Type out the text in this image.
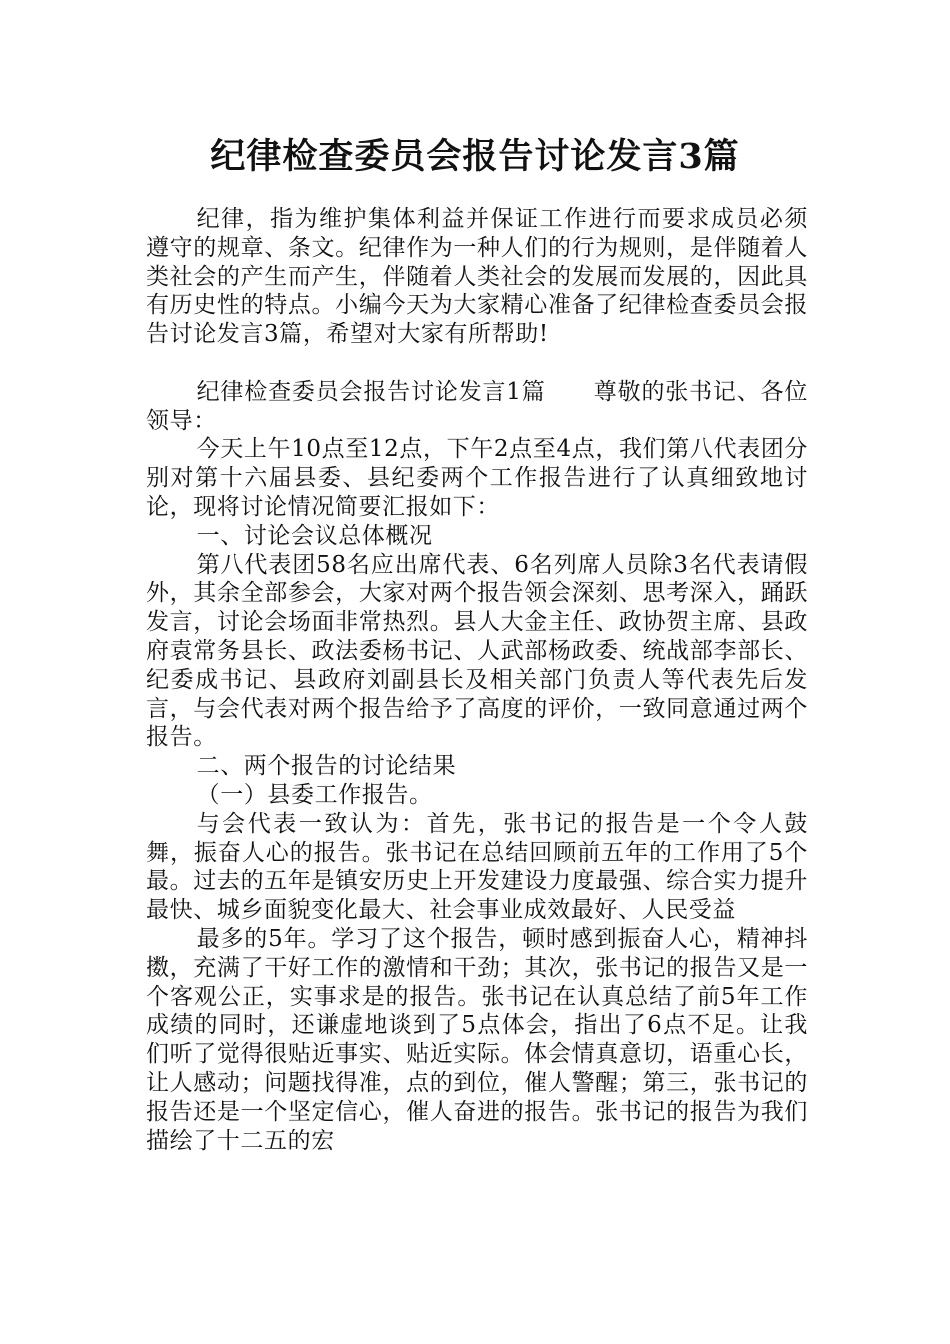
纪律检查委员会报告讨论发言3篇

纪律，指为维护集体利益并保证工作进行而要求成员必须遵守的规章、条文。纪律作为一种人们的行为规则，是伴随着人类社会的产生而产生，伴随着人类社会的发展而发展的，因此具有历史性的特点。小编今天为大家精心准备了纪律检查委员会报告讨论发言3篇，希望对大家有所帮助!

纪律检查委员会报告讨论发言1篇 尊敬的张书记、各位领导：

今天上午10点至12点，下午2点至4点，我们第八代表团分别对第十六届县委、县纪委两个工作报告进行了认真细致地讨论，现将讨论情况简要汇报如下：

一、讨论会议总体概况

第八代表团58名应出席代表、6名列席人员除3名代表请假外，其余全部参会，大家对两个报告领会深刻、思考深入，踊跃发言，讨论会场面非常热烈。县人大金主任、政协贺主席、县政府袁常务县长、政法委杨书记、人武部杨政委、统战部李部长、纪委成书记、县政府刘副县长及相关部门负责人等代表先后发言，与会代表对两个报告给予了高度的评价，一致同意通过两个报告。

二、两个报告的讨论结果

（一）县委工作报告。

与会代表一致认为：首先，张书记的报告是一个令人鼓舞，振奋人心的报告。张书记在总结回顾前五年的工作用了5个最。过去的五年是镇安历史上开发建设力度最强、综合实力提升最快、城乡面貌变化最大、社会事业成效最好、人民受益

最多的5年。学习了这个报告，顿时感到振奋人心，精神抖擞，充满了干好工作的激情和干劲；其次，张书记的报告又是一个客观公正，实事求是的报告。张书记在认真总结了前5年工作成绩的同时，还谦虚地谈到了5点体会，指出了6点不足。让我们听了觉得很贴近事实、贴近实际。体会情真意切，语重心长，让人感动；问题找得准，点的到位，催人警醒；第三，张书记的报告还是一个坚定信心，催人奋进的报告。张书记的报告为我们描绘了十二五的宏
